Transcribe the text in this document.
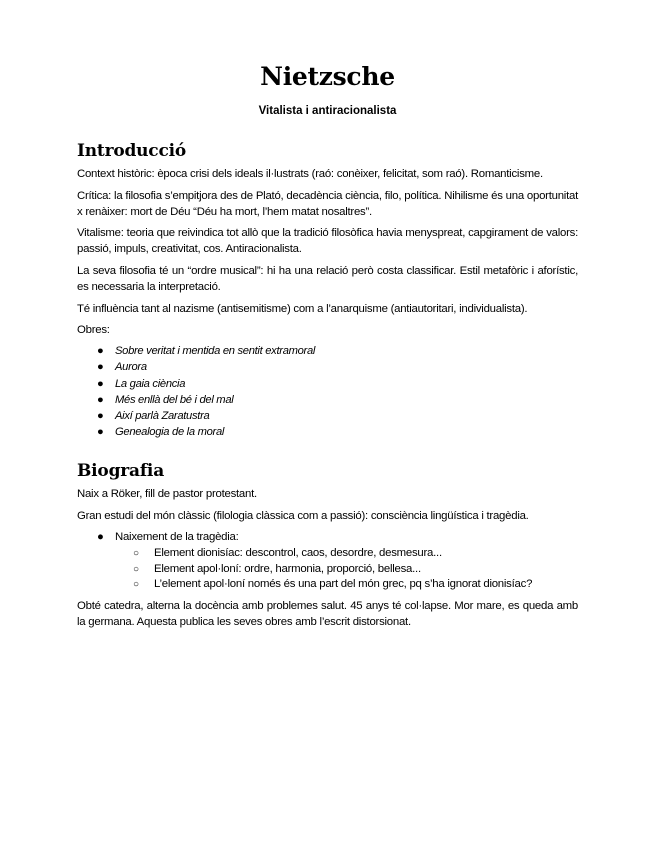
Nietzsche
Vitalista i antiracionalista
Introducció

Context històric: època crisi dels ideals il·lustrats (raó: conèixer, felicitat, som raó). Romanticisme.

Crítica: la filosofia s’empitjora des de Plató, decadència ciència, filo, política. Nihilisme és una oportunitat x renàixer: mort de Déu “Déu ha mort, l’hem matat nosaltres”.

Vitalisme: teoria que reivindica tot allò que la tradició filosòfica havia menyspreat, capgirament de valors: passió, impuls, creativitat, cos. Antiracionalista.

La seva filosofia té un “ordre musical”: hi ha una relació però costa classificar. Estil metafòric i aforístic, es necessaria la interpretació.

Té influència tant al nazisme (antisemitisme) com a l’anarquisme (antiautoritari, individualista).

Obres:

● Sobre veritat i mentida en sentit extramoral
● Aurora
● La gaia ciència
● Més enllà del bé i del mal
● Així parlà Zaratustra
● Genealogia de la moral
Biografia

Naix a Röker, fill de pastor protestant.

Gran estudi del món clàssic (filologia clàssica com a passió): consciència lingüística i tragèdia.

● Naixement de la tragèdia:
○ Element dionisíac: descontrol, caos, desordre, desmesura...
○ Element apol·loní: ordre, harmonia, proporció, bellesa...
○ L’element apol·loní només és una part del món grec, pq s’ha ignorat dionisíac?

Obté catedra, alterna la docència amb problemes salut. 45 anys té col·lapse. Mor mare, es queda amb la germana. Aquesta publica les seves obres amb l’escrit distorsionat.
